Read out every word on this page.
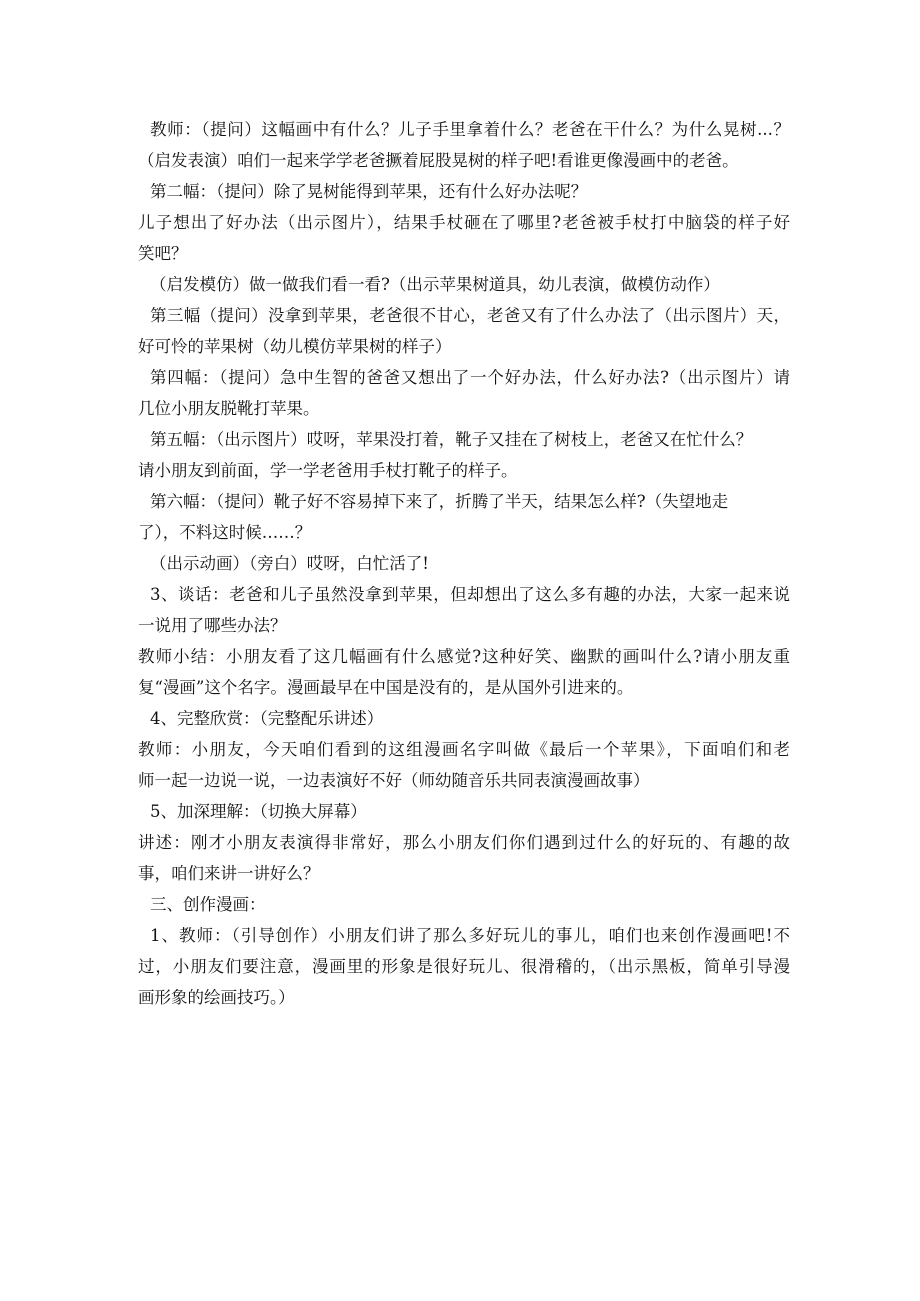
教师：（提问）这幅画中有什么？儿子手里拿着什么？老爸在干什么？为什么晃树...？
（启发表演）咱们一起来学学老爸撅着屁股晃树的样子吧!看谁更像漫画中的老爸。
第二幅：（提问）除了晃树能得到苹果，还有什么好办法呢？
儿子想出了好办法（出示图片），结果手杖砸在了哪里?老爸被手杖打中脑袋的样子好
笑吧？
（启发模仿）做一做我们看一看?（出示苹果树道具，幼儿表演，做模仿动作）
第三幅（提问）没拿到苹果，老爸很不甘心，老爸又有了什么办法了（出示图片）天，
好可怜的苹果树（幼儿模仿苹果树的样子）
第四幅：（提问）急中生智的爸爸又想出了一个好办法，什么好办法?（出示图片）请
几位小朋友脱靴打苹果。
第五幅：（出示图片）哎呀，苹果没打着，靴子又挂在了树枝上，老爸又在忙什么？
请小朋友到前面，学一学老爸用手杖打靴子的样子。
第六幅：（提问）靴子好不容易掉下来了，折腾了半天，结果怎么样?（失望地走
了），不料这时候……？
（出示动画）（旁白）哎呀，白忙活了!
3、谈话：老爸和儿子虽然没拿到苹果，但却想出了这么多有趣的办法，大家一起来说
一说用了哪些办法？
教师小结：小朋友看了这几幅画有什么感觉?这种好笑、幽默的画叫什么?请小朋友重
复“漫画”这个名字。漫画最早在中国是没有的，是从国外引进来的。
4、完整欣赏：（完整配乐讲述）
教师：小朋友，今天咱们看到的这组漫画名字叫做《最后一个苹果》，下面咱们和老
师一起一边说一说，一边表演好不好（师幼随音乐共同表演漫画故事）
5、加深理解：（切换大屏幕）
讲述：刚才小朋友表演得非常好，那么小朋友们你们遇到过什么的好玩的、有趣的故
事，咱们来讲一讲好么？
三、创作漫画：
1、教师：（引导创作）小朋友们讲了那么多好玩儿的事儿，咱们也来创作漫画吧!不
过，小朋友们要注意，漫画里的形象是很好玩儿、很滑稽的，（出示黑板，简单引导漫
画形象的绘画技巧。）
